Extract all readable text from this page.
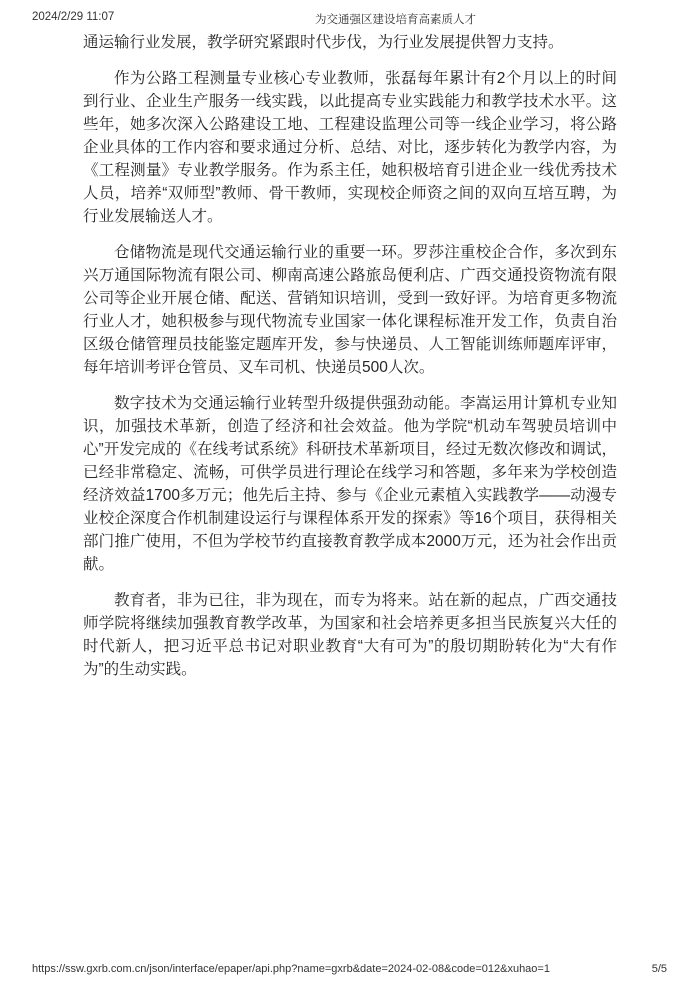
2024/2/29 11:07	为交通强区建设培育高素质人才

通运输行业发展，教学研究紧跟时代步伐，为行业发展提供智力支持。

作为公路工程测量专业核心专业教师，张磊每年累计有2个月以上的时间到行业、企业生产服务一线实践，以此提高专业实践能力和教学技术水平。这些年，她多次深入公路建设工地、工程建设监理公司等一线企业学习，将公路企业具体的工作内容和要求通过分析、总结、对比，逐步转化为教学内容，为《工程测量》专业教学服务。作为系主任，她积极培育引进企业一线优秀技术人员，培养“双师型”教师、骨干教师，实现校企师资之间的双向互培互聘，为行业发展输送人才。

仓储物流是现代交通运输行业的重要一环。罗莎注重校企合作，多次到东兴万通国际物流有限公司、柳南高速公路旅岛便利店、广西交通投资物流有限公司等企业开展仓储、配送、营销知识培训，受到一致好评。为培育更多物流行业人才，她积极参与现代物流专业国家一体化课程标准开发工作，负责自治区级仓储管理员技能鉴定题库开发，参与快递员、人工智能训练师题库评审，每年培训考评仓管员、叉车司机、快递员500人次。

数字技术为交通运输行业转型升级提供强劲动能。李嵩运用计算机专业知识，加强技术革新，创造了经济和社会效益。他为学院“机动车驾驶员培训中心”开发完成的《在线考试系统》科研技术革新项目，经过无数次修改和调试，已经非常稳定、流畅，可供学员进行理论在线学习和答题，多年来为学校创造经济效益1700多万元；他先后主持、参与《企业元素植入实践教学——动漫专业校企深度合作机制建设运行与课程体系开发的探索》等16个项目，获得相关部门推广使用，不但为学校节约直接教育教学成本2000万元，还为社会作出贡献。

教育者，非为已往，非为现在，而专为将来。站在新的起点，广西交通技师学院将继续加强教育教学改革，为国家和社会培养更多担当民族复兴大任的时代新人，把习近平总书记对职业教育“大有可为”的殷切期盼转化为“大有作为”的生动实践。

https://ssw.gxrb.com.cn/json/interface/epaper/api.php?name=gxrb&date=2024-02-08&code=012&xuhao=1	5/5
